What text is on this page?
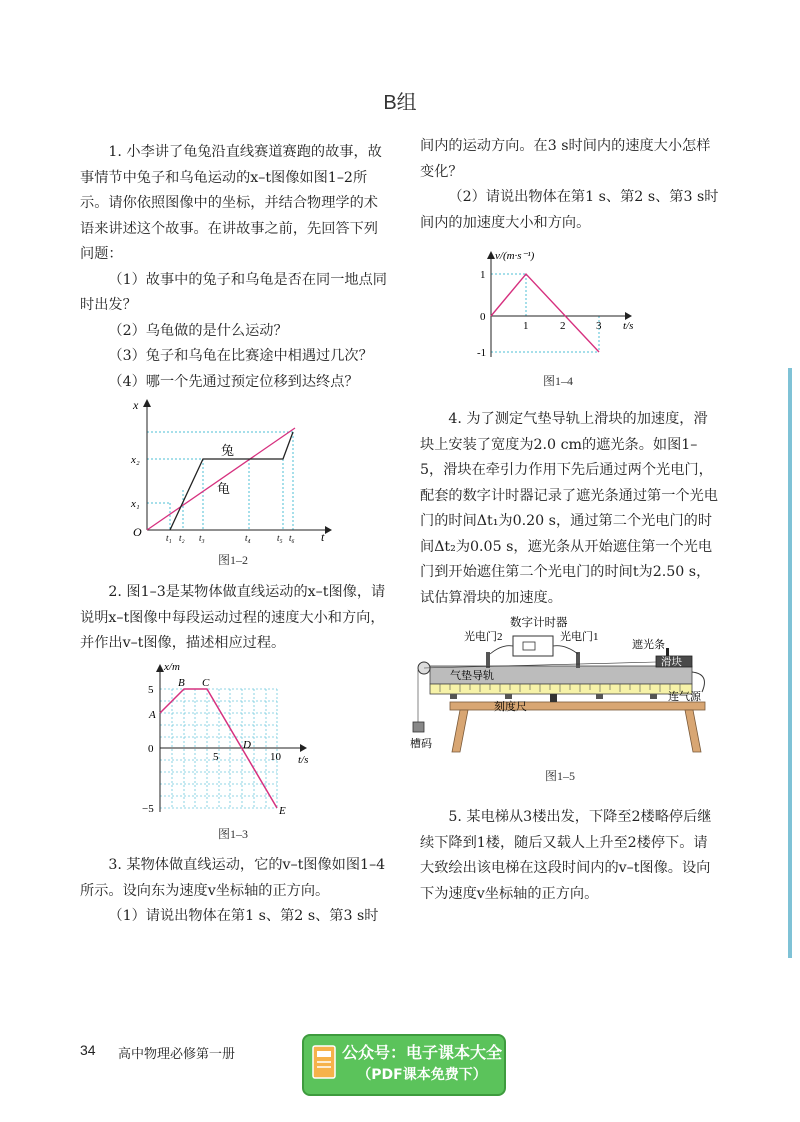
B组

1. 小李讲了龟兔沿直线赛道赛跑的故事，故事情节中兔子和乌龟运动的x–t图像如图1–2所示。请你依照图像中的坐标，并结合物理学的术语来讲述这个故事。在讲故事之前，先回答下列问题：

（1）故事中的兔子和乌龟是否在同一地点同时出发？

（2）乌龟做的是什么运动？

（3）兔子和乌龟在比赛途中相遇过几次？

（4）哪一个先通过预定位移到达终点？

x
t
O
x₂
x₁
t₁ t₂ t₃	t₄	t₅ t₆
兔
龟
图1–2

2. 图1–3是某物体做直线运动的x–t图像，请说明x–t图像中每段运动过程的速度大小和方向，并作出v–t图像，描述相应过程。

x/m
t/s
5
0
−5
5	10
A
B C
D
E
图1–3

3. 某物体做直线运动，它的v–t图像如图1–4所示。设向东为速度v坐标轴的正方向。

（1）请说出物体在第1 s、第2 s、第3 s时

间内的运动方向。在3 s时间内的速度大小怎样变化？

（2）请说出物体在第1 s、第2 s、第3 s时间内的加速度大小和方向。

v/(m·s⁻¹)
t/s
1
0
-1
1	2	3
图1–4

4. 为了测定气垫导轨上滑块的加速度，滑块上安装了宽度为2.0 cm的遮光条。如图1–5，滑块在牵引力作用下先后通过两个光电门，配套的数字计时器记录了遮光条通过第一个光电门的时间Δt₁为0.20 s，通过第二个光电门的时间Δt₂为0.05 s，遮光条从开始遮住第一个光电门到开始遮住第二个光电门的时间t为2.50 s，试估算滑块的加速度。

数字计时器
光电门2	光电门1
遮光条
滑块
气垫导轨
刻度尺
连气源
槽码
图1–5

5. 某电梯从3楼出发，下降至2楼略停后继续下降到1楼，随后又载人上升至2楼停下。请大致绘出该电梯在这段时间内的v–t图像。设向下为速度v坐标轴的正方向。

34 高中物理必修第一册	公众号：电子课本大全
（PDF课本免费下）
